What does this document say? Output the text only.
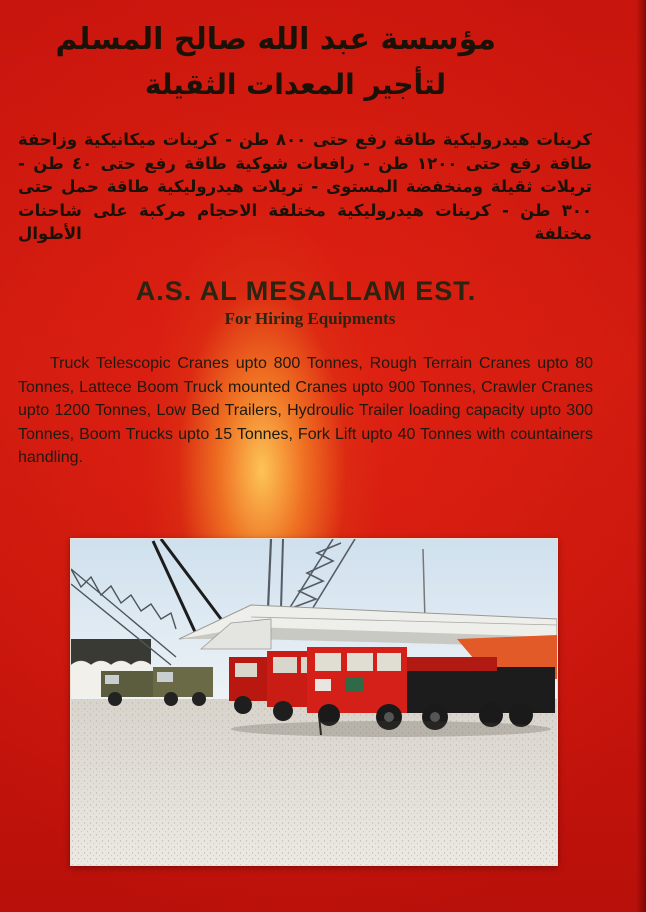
مؤسسة عبد الله صالح المسلم
لتأجير المعدات الثقيلة
كرينات هيدروليكية طاقة رفع حتى ٨٠٠ طن - كرينات ميكانيكية وزاحفة طاقة رفع حتى ١٢٠٠ طن - رافعات شوكية طاقة رفع حتى ٤٠ طن - تريلات ثقيلة ومنخفضة المستوى - تريلات هيدروليكية طاقة حمل حتى ٣٠٠ طن - كرينات هيدروليكية مختلفة الاحجام مركبة على شاحنات مختلفة الأطوال
A.S. AL MESALLAM EST.
For Hiring Equipments
Truck Telescopic Cranes upto 800 Tonnes, Rough Terrain Cranes upto 80 Tonnes, Lattece Boom Truck mounted Cranes upto 900 Tonnes, Crawler Cranes upto 1200 Tonnes, Low Bed Trailers, Hydroulic Trailer loading capacity upto 300 Tonnes, Boom Trucks upto 15 Tonnes, Fork Lift upto 40 Tonnes with countainers handling.
